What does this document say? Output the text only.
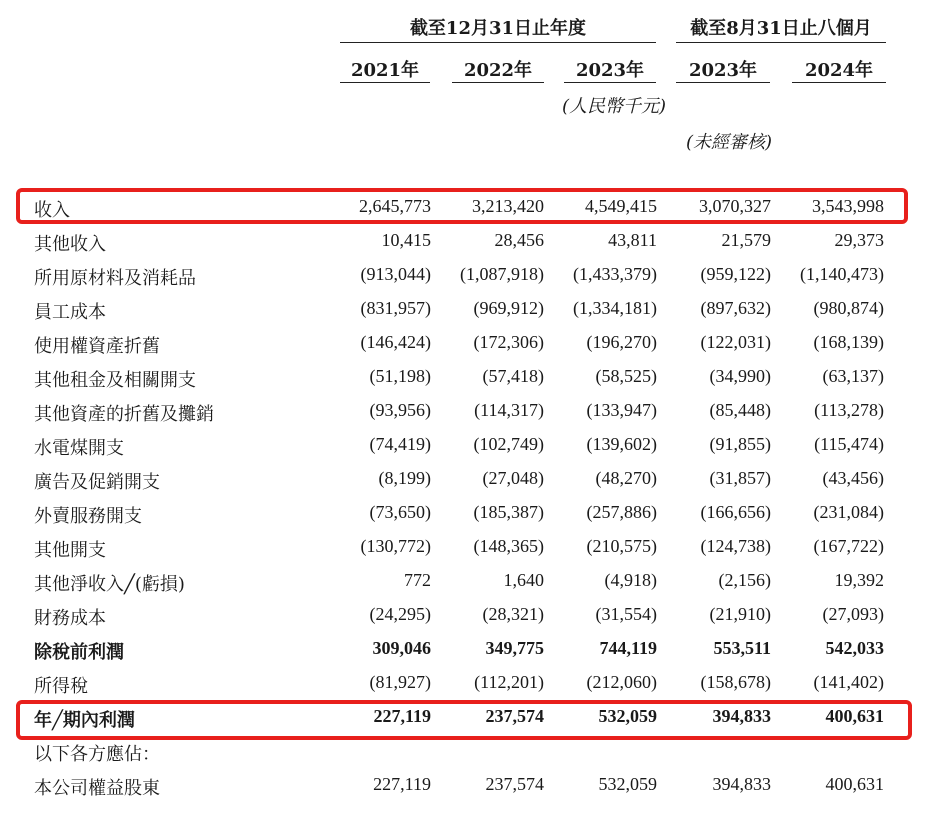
截至12月31日止年度	截至8月31日止八個月
2021年	2022年	2023年	2023年	2024年
(人民幣千元)
(未經審核)
收入	2,645,773	3,213,420	4,549,415	3,070,327	3,543,998
其他收入	10,415	28,456	43,811	21,579	29,373
所用原材料及消耗品	(913,044)	(1,087,918)	(1,433,379)	(959,122)	(1,140,473)
員工成本	(831,957)	(969,912)	(1,334,181)	(897,632)	(980,874)
使用權資產折舊	(146,424)	(172,306)	(196,270)	(122,031)	(168,139)
其他租金及相關開支	(51,198)	(57,418)	(58,525)	(34,990)	(63,137)
其他資產的折舊及攤銷	(93,956)	(114,317)	(133,947)	(85,448)	(113,278)
水電煤開支	(74,419)	(102,749)	(139,602)	(91,855)	(115,474)
廣告及促銷開支	(8,199)	(27,048)	(48,270)	(31,857)	(43,456)
外賣服務開支	(73,650)	(185,387)	(257,886)	(166,656)	(231,084)
其他開支	(130,772)	(148,365)	(210,575)	(124,738)	(167,722)
其他淨收入╱(虧損)	772	1,640	(4,918)	(2,156)	19,392
財務成本	(24,295)	(28,321)	(31,554)	(21,910)	(27,093)
除稅前利潤	309,046	349,775	744,119	553,511	542,033
所得稅	(81,927)	(112,201)	(212,060)	(158,678)	(141,402)
年╱期內利潤	227,119	237,574	532,059	394,833	400,631
以下各方應佔：
本公司權益股東	227,119	237,574	532,059	394,833	400,631
